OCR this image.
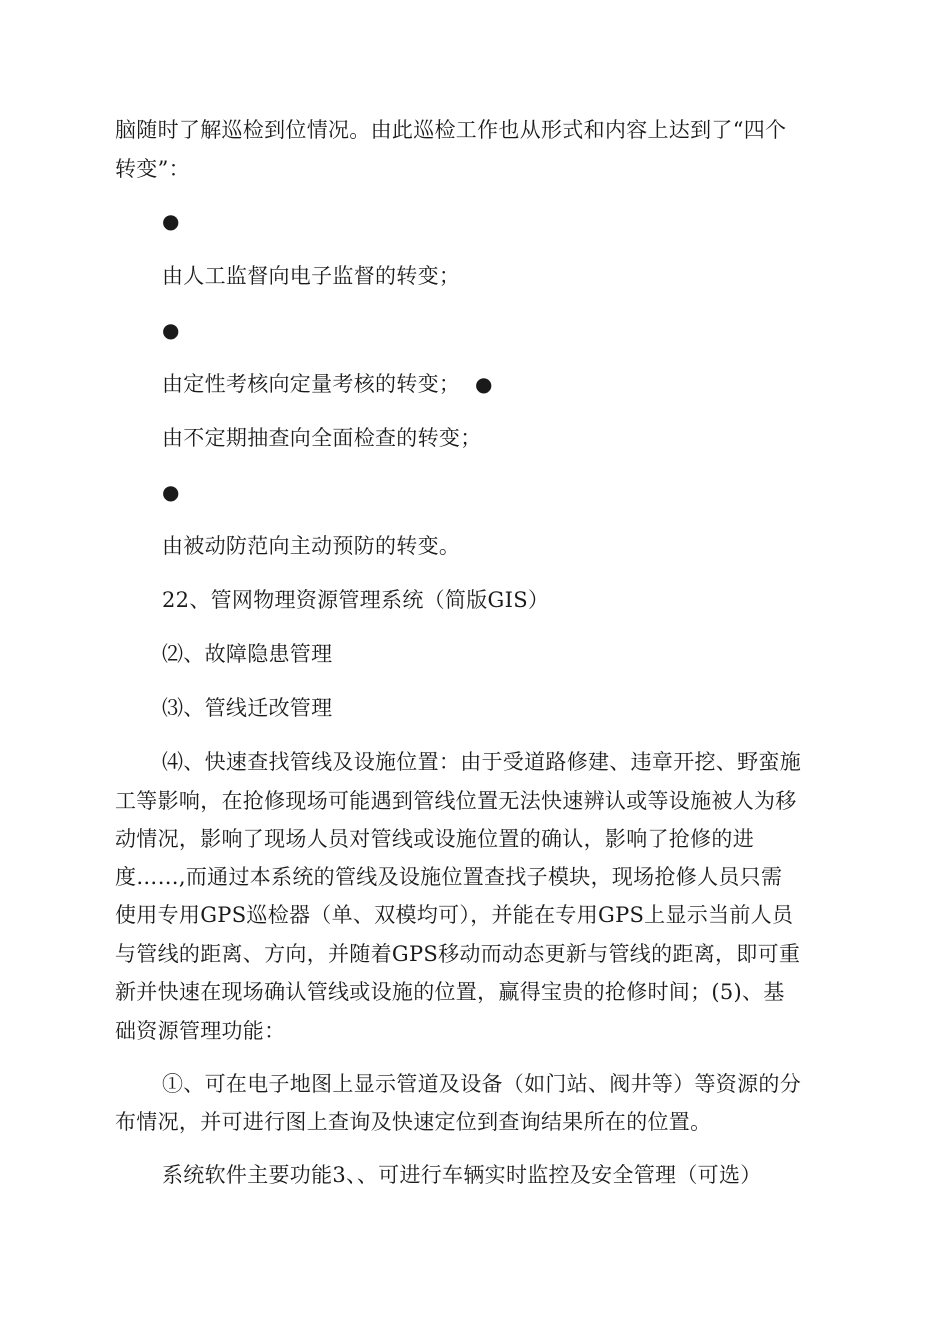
脑随时了解巡检到位情况。由此巡检工作也从形式和内容上达到了“四个
转变”：
●
由人工监督向电子监督的转变；
●
由定性考核向定量考核的转变； ●
由不定期抽查向全面检查的转变；
●
由被动防范向主动预防的转变。
22、管网物理资源管理系统（简版GIS）
⑵、故障隐患管理
⑶、管线迁改管理
⑷、快速查找管线及设施位置：由于受道路修建、违章开挖、野蛮施
工等影响，在抢修现场可能遇到管线位置无法快速辨认或等设施被人为移
动情况，影响了现场人员对管线或设施位置的确认，影响了抢修的进
度……,而通过本系统的管线及设施位置查找子模块，现场抢修人员只需
使用专用GPS巡检器（单、双模均可），并能在专用GPS上显示当前人员
与管线的距离、方向，并随着GPS移动而动态更新与管线的距离，即可重
新并快速在现场确认管线或设施的位置，赢得宝贵的抢修时间；(5)、基
础资源管理功能：
①、可在电子地图上显示管道及设备（如门站、阀井等）等资源的分
布情况，并可进行图上查询及快速定位到查询结果所在的位置。
系统软件主要功能3、、可进行车辆实时监控及安全管理（可选）
